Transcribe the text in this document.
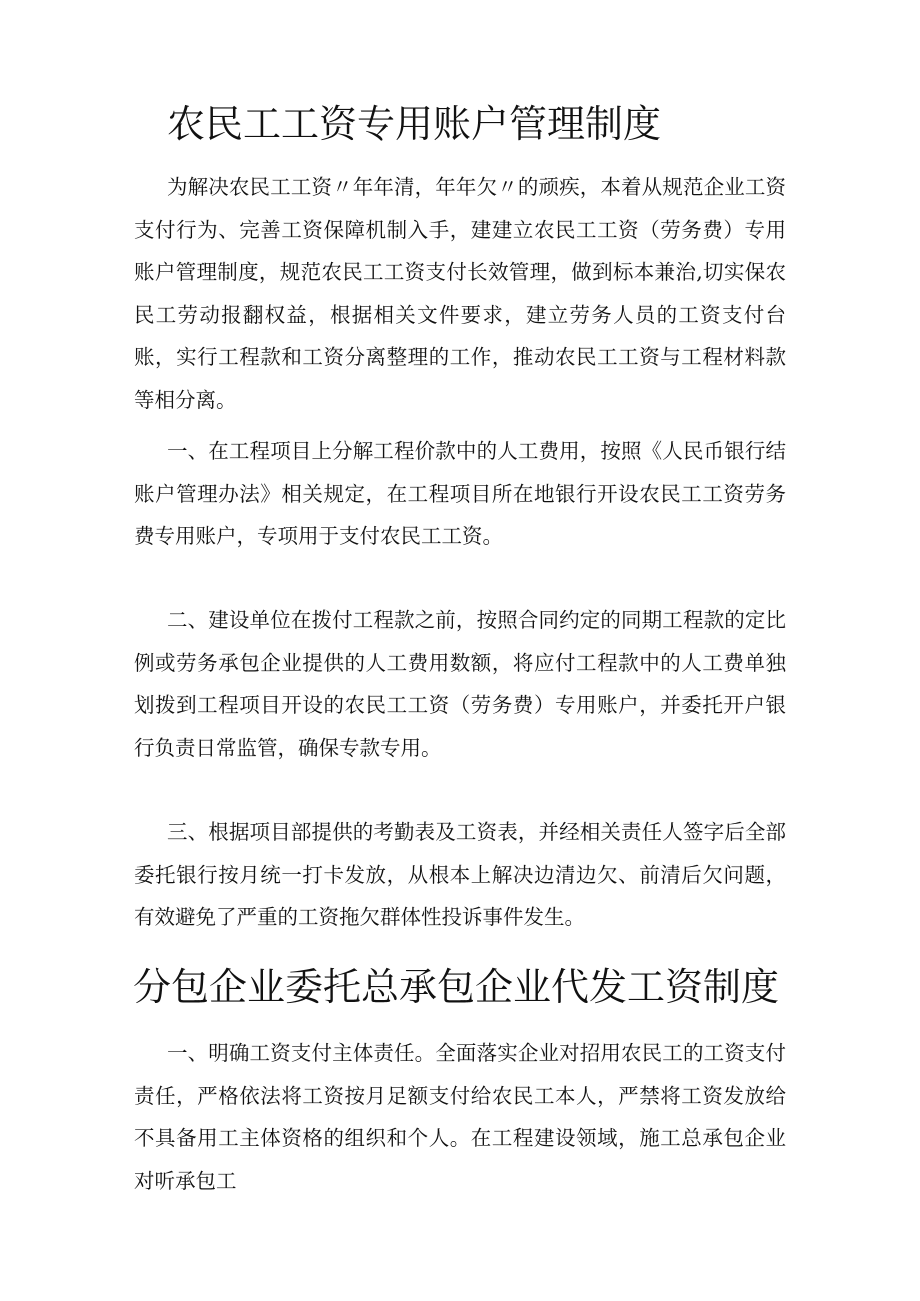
农民工工资专用账户管理制度

为解决农民工工资〃年年清，年年欠〃的顽疾，本着从规范企业工资支付行为、完善工资保障机制入手，建建立农民工工资（劳务费）专用账户管理制度，规范农民工工资支付长效管理，做到标本兼治,切实保农民工劳动报翻权益，根据相关文件要求，建立劳务人员的工资支付台账，实行工程款和工资分离整理的工作，推动农民工工资与工程材料款等相分离。

一、在工程项目上分解工程价款中的人工费用，按照《人民币银行结账户管理办法》相关规定，在工程项目所在地银行开设农民工工资劳务费专用账户，专项用于支付农民工工资。

二、建设单位在拨付工程款之前，按照合同约定的同期工程款的定比例或劳务承包企业提供的人工费用数额，将应付工程款中的人工费单独划拨到工程项目开设的农民工工资（劳务费）专用账户，并委托开户银行负责日常监管，确保专款专用。

三、根据项目部提供的考勤表及工资表，并经相关责任人签字后全部委托银行按月统一打卡发放，从根本上解决边清边欠、前清后欠问题，有效避免了严重的工资拖欠群体性投诉事件发生。

分包企业委托总承包企业代发工资制度

一、明确工资支付主体责任。全面落实企业对招用农民工的工资支付责任，严格依法将工资按月足额支付给农民工本人，严禁将工资发放给不具备用工主体资格的组织和个人。在工程建设领域，施工总承包企业对听承包工
